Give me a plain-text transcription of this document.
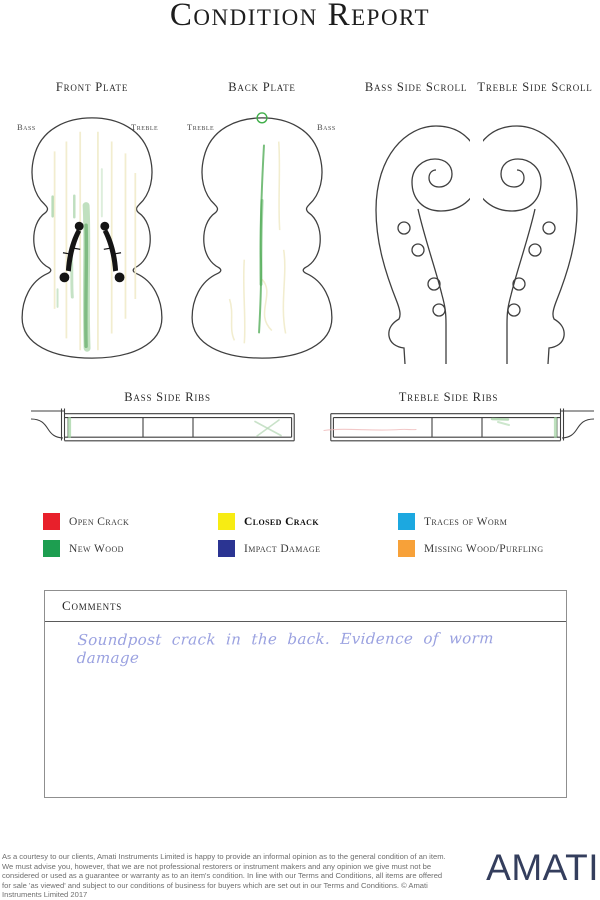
Condition Report
Front Plate	Back Plate	Bass Side Scroll Treble Side Scroll
Bass	Treble	Treble	Bass
Bass Side Ribs	Treble Side Ribs
Open Crack	Closed Crack	Traces of Worm
New Wood	Impact Damage	Missing Wood/Purfling
Comments
Soundpost crack in the back. Evidence of worm damage
As a courtesy to our clients, Amati Instruments Limited is happy to provide an informal opinion as to the general condition of an item. We must advise you, however, that we are not professional restorers or instrument makers and any opinion we give must not be considered or used as a guarantee or warranty as to an item's condition. In line with our Terms and Conditions, all items are offered for sale 'as viewed' and subject to our conditions of business for buyers which are set out in our Terms and Conditions. © Amati Instruments Limited 2017
AMATI
